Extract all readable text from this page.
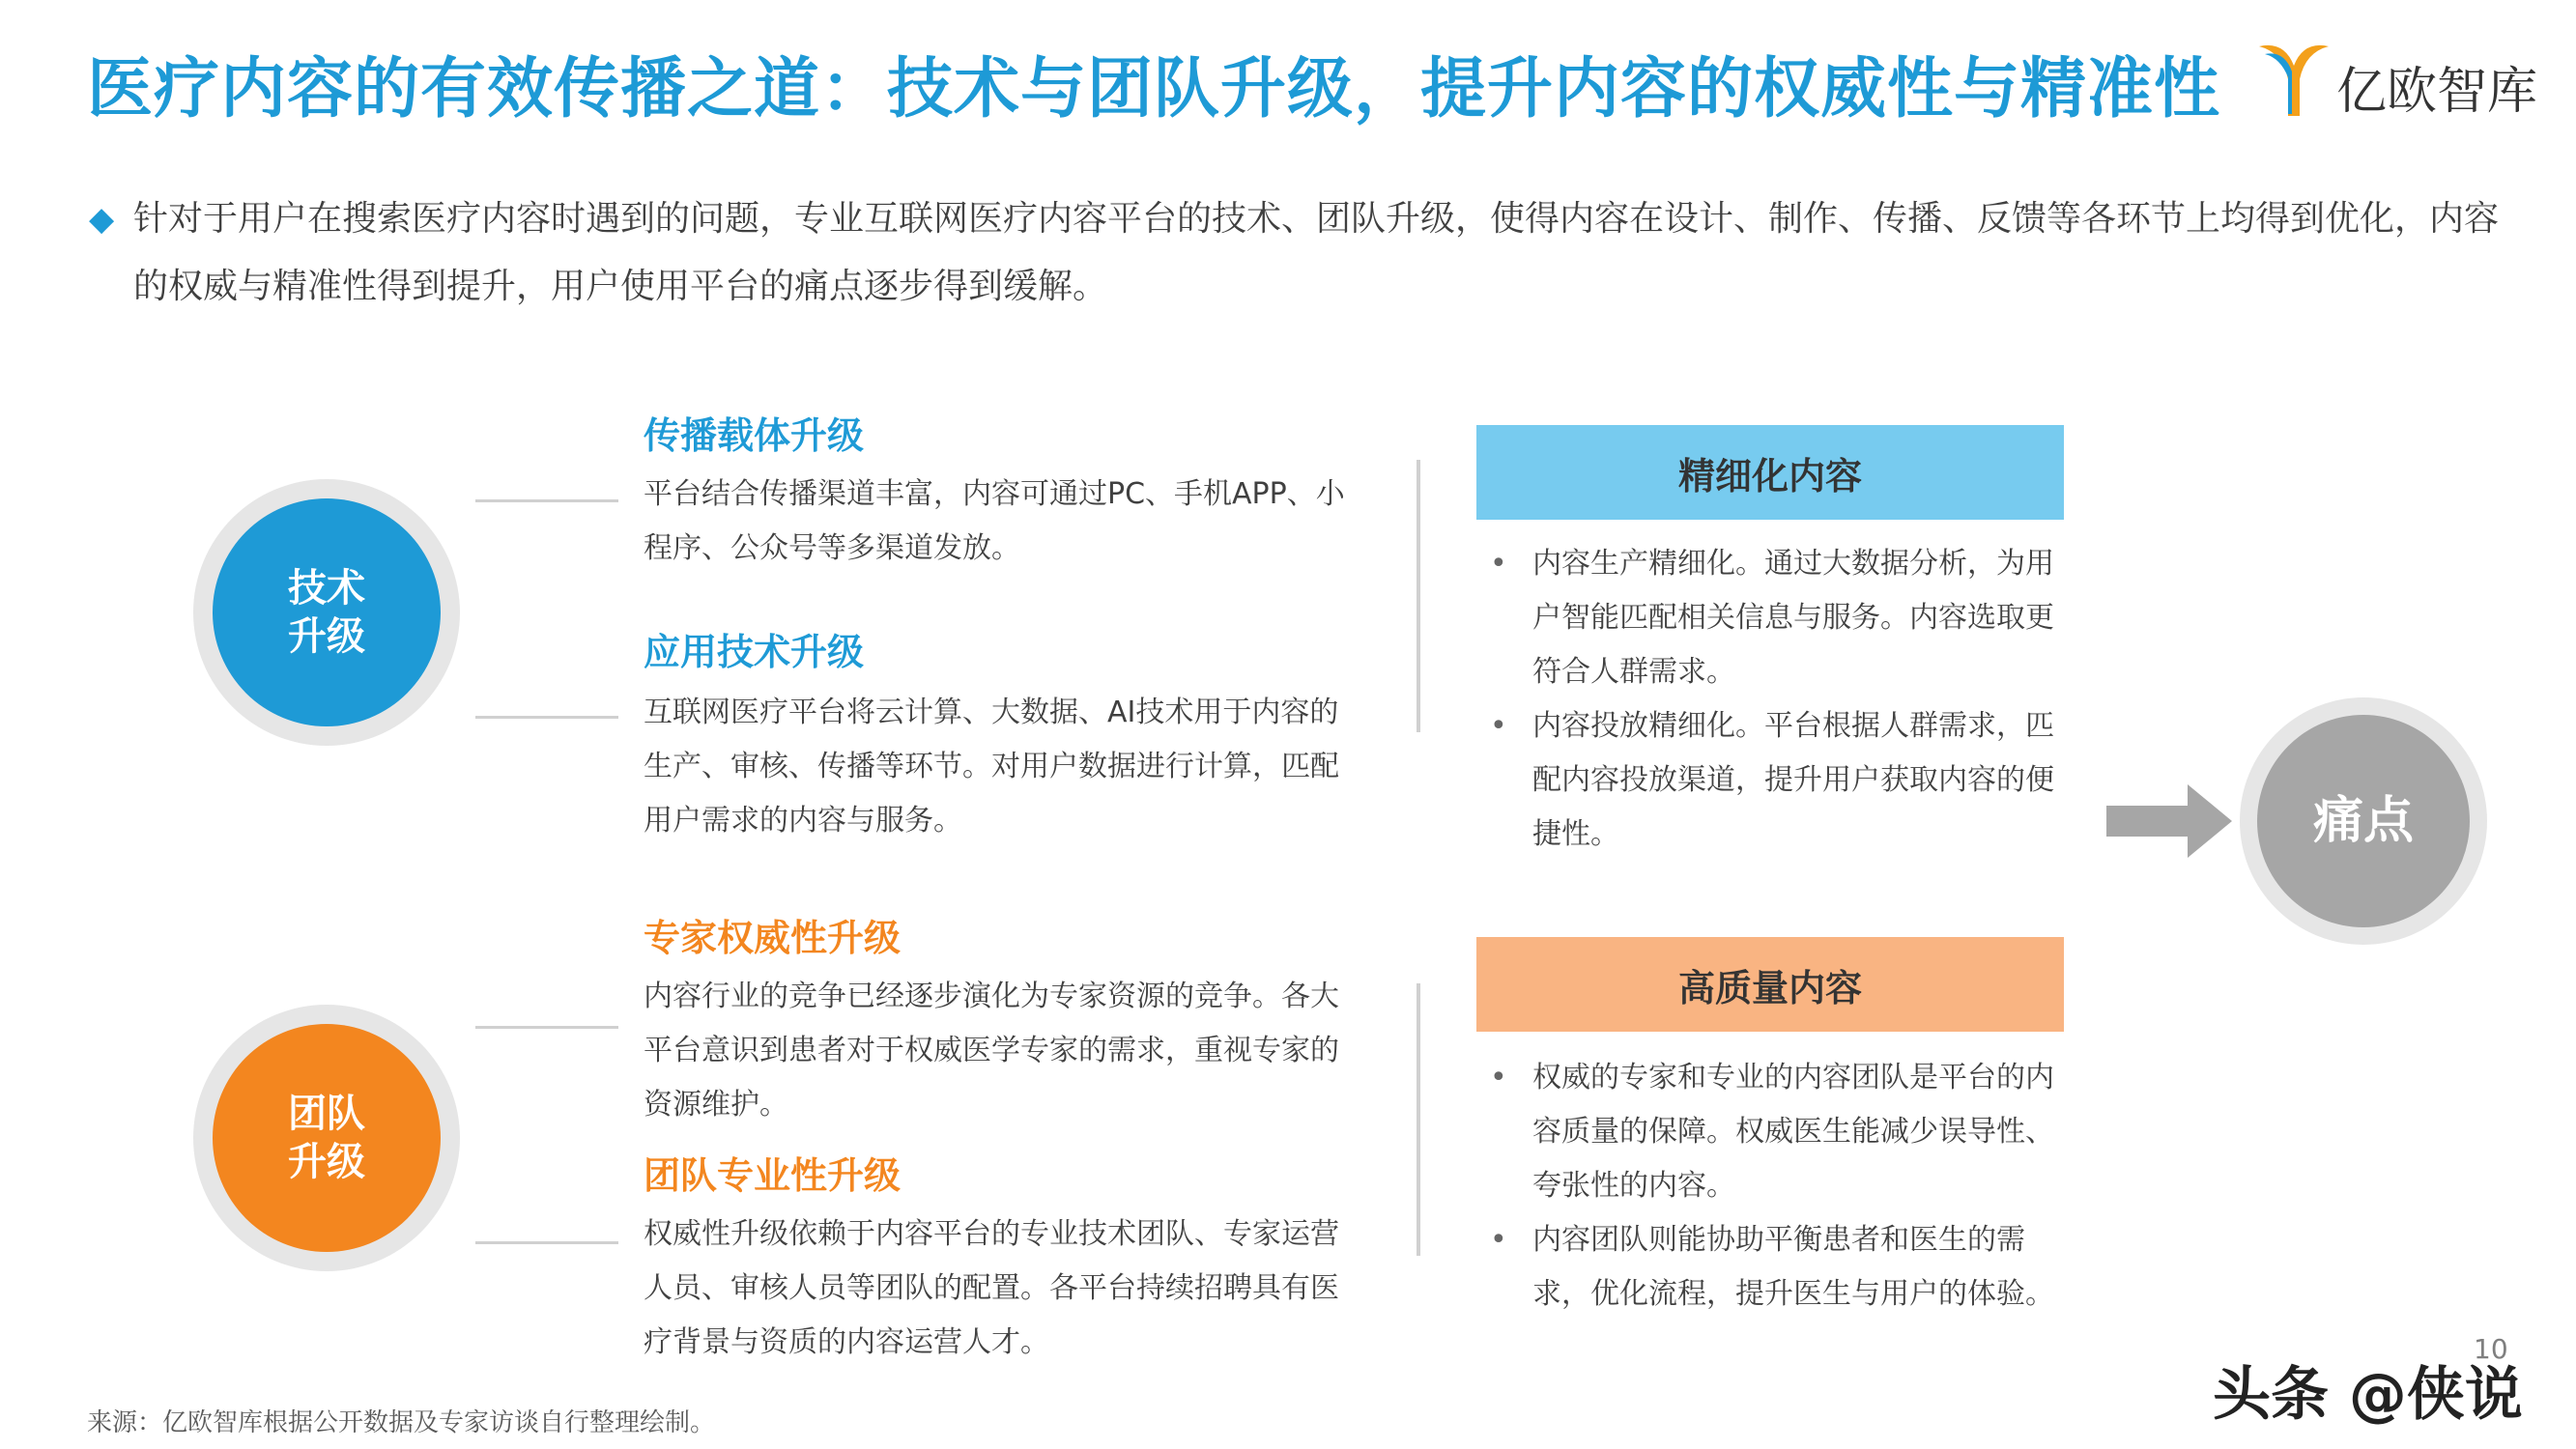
医疗内容的有效传播之道：技术与团队升级，提升内容的权威性与精准性 亿欧智库
◆ 针对于用户在搜索医疗内容时遇到的问题，专业互联网医疗内容平台的技术、团队升级，使得内容在设计、制作、传播、反馈等各环节上均得到优化，内容的权威与精准性得到提升，用户使用平台的痛点逐步得到缓解。
技术
升级
团队
升级
传播载体升级
平台结合传播渠道丰富，内容可通过PC、手机APP、小程序、公众号等多渠道发放。
应用技术升级
互联网医疗平台将云计算、大数据、AI技术用于内容的生产、审核、传播等环节。对用户数据进行计算，匹配用户需求的内容与服务。
专家权威性升级
内容行业的竞争已经逐步演化为专家资源的竞争。各大平台意识到患者对于权威医学专家的需求，重视专家的资源维护。
团队专业性升级
权威性升级依赖于内容平台的专业技术团队、专家运营人员、审核人员等团队的配置。各平台持续招聘具有医疗背景与资质的内容运营人才。
精细化内容
• 内容生产精细化。通过大数据分析，为用户智能匹配相关信息与服务。内容选取更符合人群需求。
• 内容投放精细化。平台根据人群需求，匹配内容投放渠道，提升用户获取内容的便捷性。
高质量内容
• 权威的专家和专业的内容团队是平台的内容质量的保障。权威医生能减少误导性、夸张性的内容。
• 内容团队则能协助平衡患者和医生的需求，优化流程，提升医生与用户的体验。
痛点
10
头条 @侠说
来源：亿欧智库根据公开数据及专家访谈自行整理绘制。
